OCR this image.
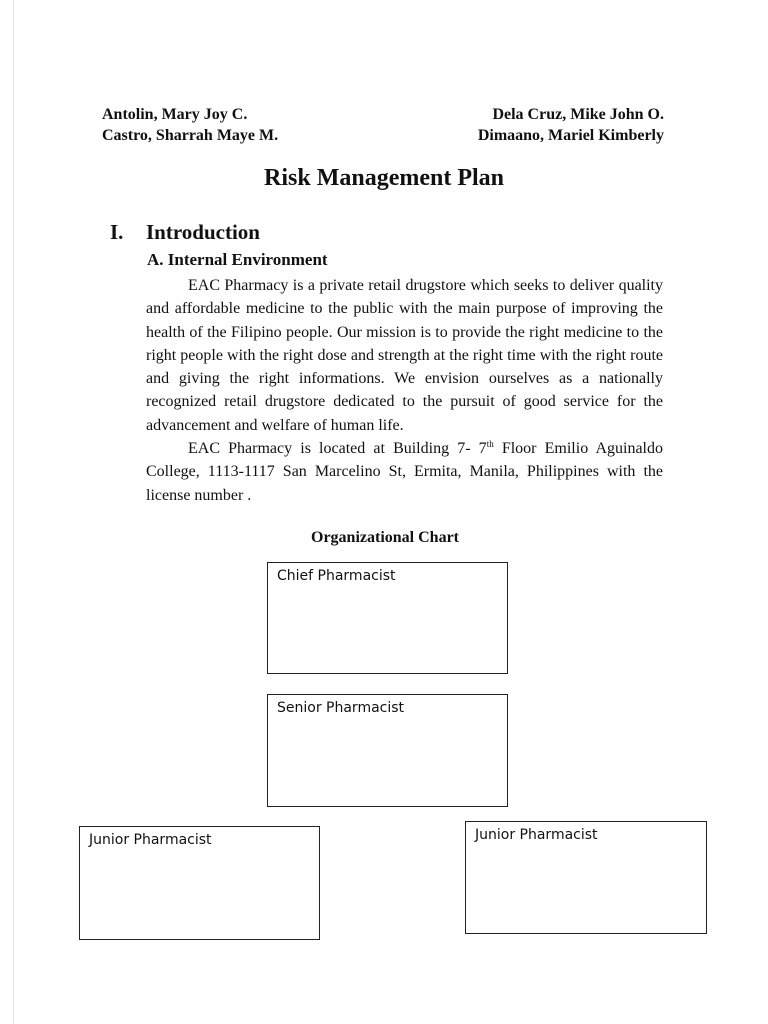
Antolin, Mary Joy C.
Castro, Sharrah Maye M.
Dela Cruz, Mike John O.
Dimaano, Mariel Kimberly
Risk Management Plan
I. Introduction
A. Internal Environment

EAC Pharmacy is a private retail drugstore which seeks to deliver quality and affordable medicine to the public with the main purpose of improving the health of the Filipino people. Our mission is to provide the right medicine to the right people with the right dose and strength at the right time with the right route and giving the right informations. We envision ourselves as a nationally recognized retail drugstore dedicated to the pursuit of good service for the advancement and welfare of human life.

EAC Pharmacy is located at Building 7- 7th Floor Emilio Aguinaldo College, 1113-1117 San Marcelino St, Ermita, Manila, Philippines with the license number .

Organizational Chart
Chief Pharmacist
Senior Pharmacist
Junior Pharmacist	Junior Pharmacist
